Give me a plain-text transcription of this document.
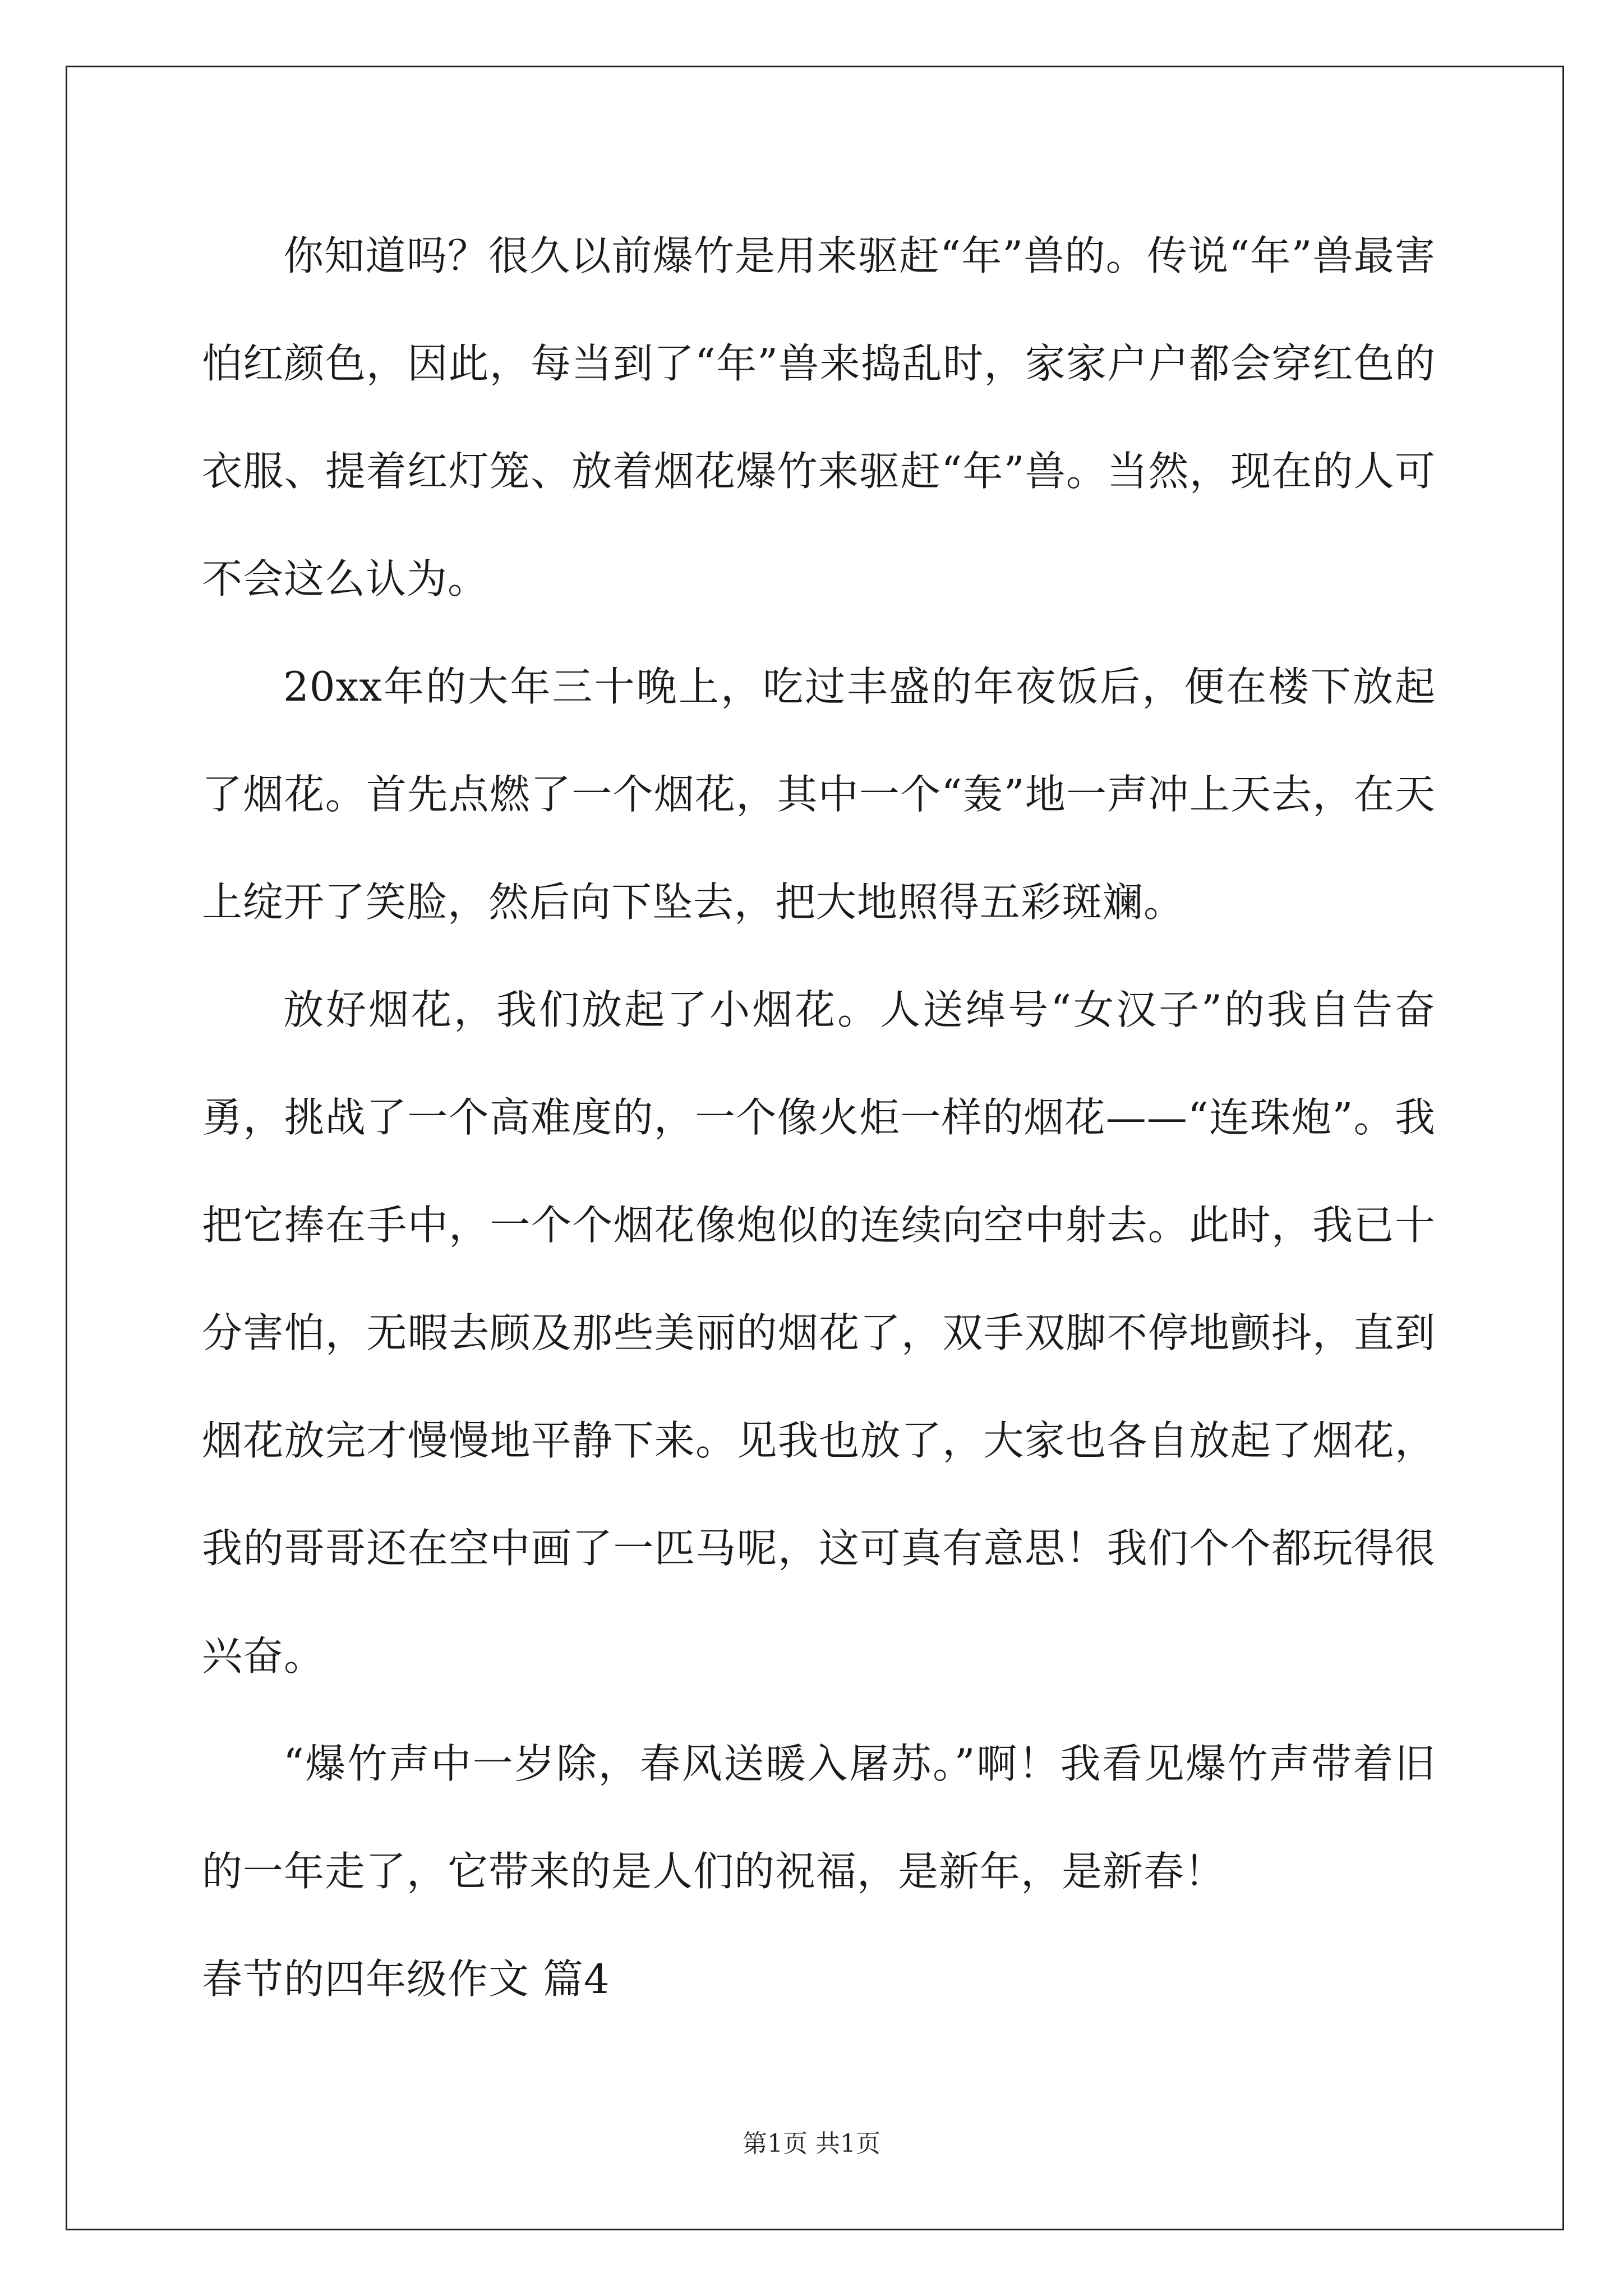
你知道吗？很久以前爆竹是用来驱赶“年”兽的。传说“年”兽最害怕红颜色，因此，每当到了“年”兽来捣乱时，家家户户都会穿红色的衣服、提着红灯笼、放着烟花爆竹来驱赶“年”兽。当然，现在的人可不会这么认为。

20xx年的大年三十晚上，吃过丰盛的年夜饭后，便在楼下放起了烟花。首先点燃了一个烟花，其中一个“轰”地一声冲上天去，在天上绽开了笑脸，然后向下坠去，把大地照得五彩斑斓。

放好烟花，我们放起了小烟花。人送绰号“女汉子”的我自告奋勇，挑战了一个高难度的，一个像火炬一样的烟花——“连珠炮”。我把它捧在手中，一个个烟花像炮似的连续向空中射去。此时，我已十分害怕，无暇去顾及那些美丽的烟花了，双手双脚不停地颤抖，直到烟花放完才慢慢地平静下来。见我也放了，大家也各自放起了烟花，我的哥哥还在空中画了一匹马呢，这可真有意思！我们个个都玩得很兴奋。

“爆竹声中一岁除，春风送暖入屠苏。”啊！我看见爆竹声带着旧的一年走了，它带来的是人们的祝福，是新年，是新春！

春节的四年级作文 篇4

第1页 共1页
